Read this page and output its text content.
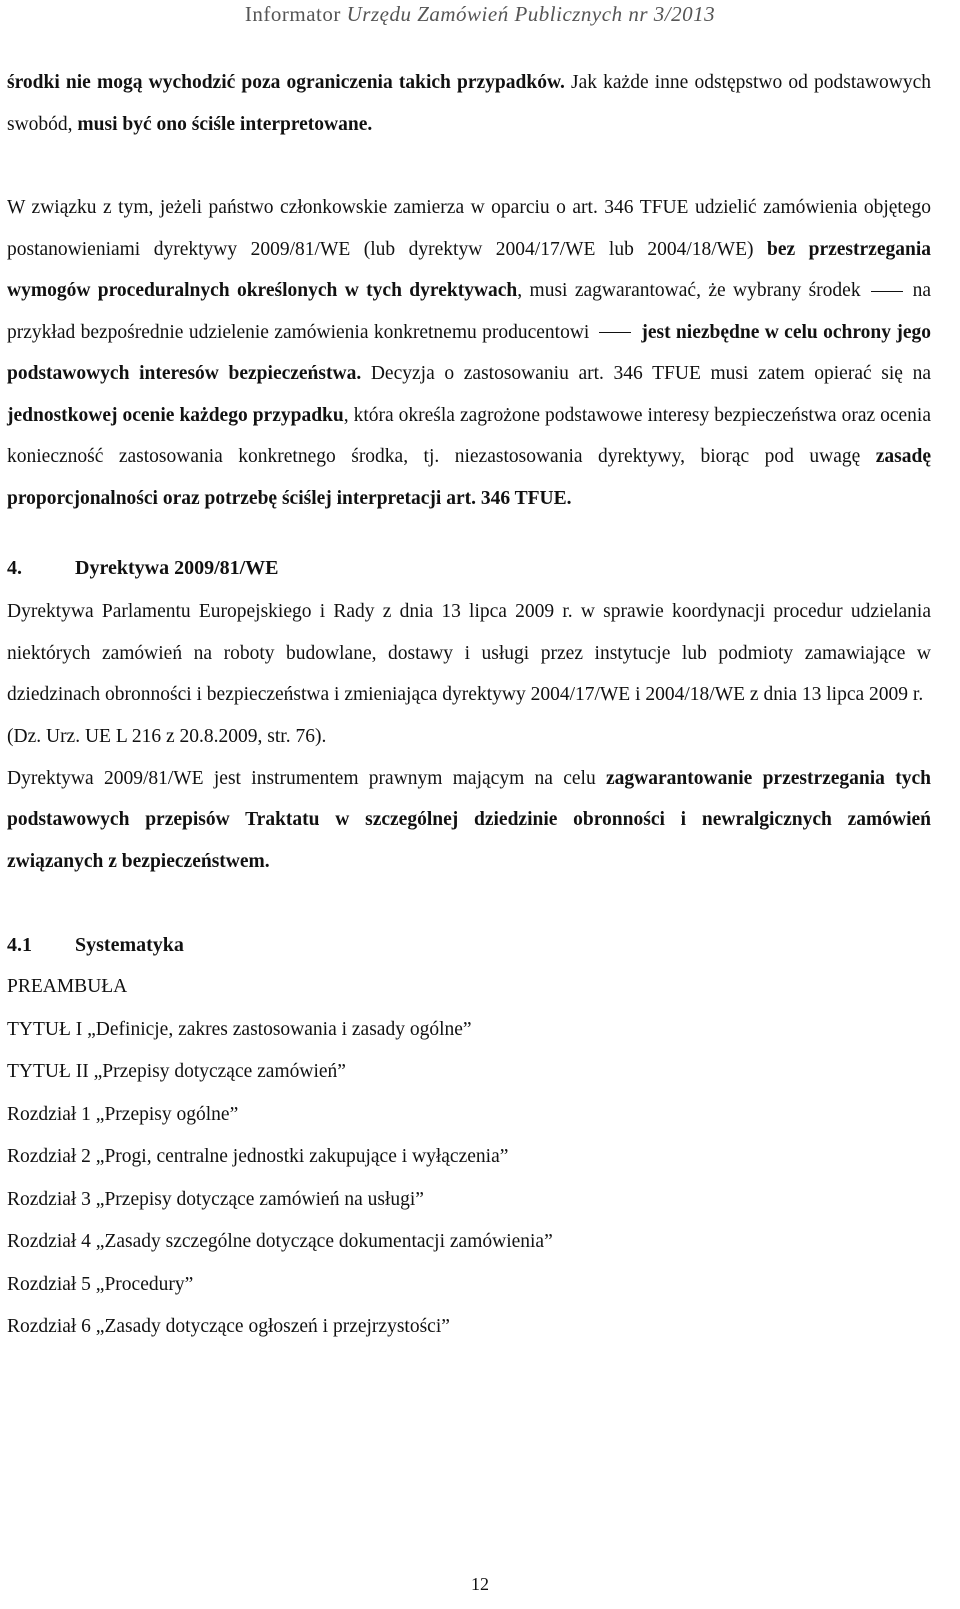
Informator Urzędu Zamówień Publicznych nr 3/2013

środki nie mogą wychodzić poza ograniczenia takich przypadków. Jak każde inne odstępstwo od podstawowych swobód, musi być ono ściśle interpretowane.

W związku z tym, jeżeli państwo członkowskie zamierza w oparciu o art. 346 TFUE udzielić zamówienia objętego postanowieniami dyrektywy 2009/81/WE (lub dyrektyw 2004/17/WE lub 2004/18/WE) bez przestrzegania wymogów proceduralnych określonych w tych dyrektywach, musi zagwarantować, że wybrany środek	na przykład bezpośrednie udzielenie zamówienia konkretnemu producentowi	jest niezbędne w celu ochrony jego podstawowych interesów bezpieczeństwa. Decyzja o zastosowaniu art. 346 TFUE musi zatem opierać się na jednostkowej ocenie każdego przypadku, która określa zagrożone podstawowe interesy bezpieczeństwa oraz ocenia konieczność zastosowania konkretnego środka, tj. niezastosowania dyrektywy, biorąc pod uwagę zasadę proporcjonalności oraz potrzebę ściślej interpretacji art. 346 TFUE.

4.	Dyrektywa 2009/81/WE

Dyrektywa Parlamentu Europejskiego i Rady z dnia 13 lipca 2009 r. w sprawie koordynacji procedur udzielania niektórych zamówień na roboty budowlane, dostawy i usługi przez instytucje lub podmioty zamawiające w dziedzinach obronności i bezpieczeństwa i zmieniająca dyrektywy 2004/17/WE i 2004/18/WE z dnia 13 lipca 2009 r.

(Dz. Urz. UE L 216 z 20.8.2009, str. 76).

Dyrektywa 2009/81/WE jest instrumentem prawnym mającym na celu zagwarantowanie przestrzegania tych podstawowych przepisów Traktatu w szczególnej dziedzinie obronności i newralgicznych zamówień związanych z bezpieczeństwem.

4.1 Systematyka

PREAMBUŁA

TYTUŁ I „Definicje, zakres zastosowania i zasady ogólne”

TYTUŁ II „Przepisy dotyczące zamówień”

Rozdział 1 „Przepisy ogólne”

Rozdział 2 „Progi, centralne jednostki zakupujące i wyłączenia”

Rozdział 3 „Przepisy dotyczące zamówień na usługi”

Rozdział 4 „Zasady szczególne dotyczące dokumentacji zamówienia”

Rozdział 5 „Procedury”

Rozdział 6 „Zasady dotyczące ogłoszeń i przejrzystości”

12
